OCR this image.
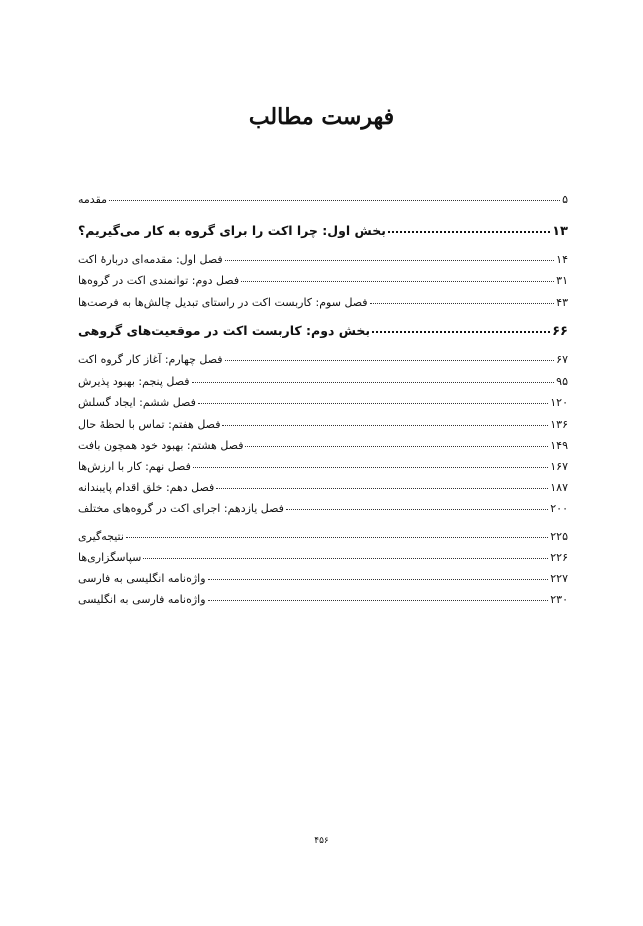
فهرست مطالب
مقدمه	۵
بخش اول: چرا اکت را برای گروه به کار می‌گیریم؟	۱۳
فصل اول: مقدمه‌ای دربارهٔ اکت	۱۴
فصل دوم: توانمندی اکت در گروه‌ها	۳۱
فصل سوم: کاربست اکت در راستای تبدیل چالش‌ها به فرصت‌ها	۴۳
بخش دوم: کاربست اکت در موقعیت‌های گروهی	۶۶
فصل چهارم: آغاز کار گروه اکت	۶۷
فصل پنجم: بهبود پذیرش	۹۵
فصل ششم: ایجاد گسلش	۱۲۰
فصل هفتم: تماس با لحظهٔ حال	۱۳۶
فصل هشتم: بهبود خود همچون بافت	۱۴۹
فصل نهم: کار با ارزش‌ها	۱۶۷
فصل دهم: خلق اقدام پایبندانه	۱۸۷
فصل یازدهم: اجرای اکت در گروه‌های مختلف	۲۰۰
نتیجه‌گیری	۲۲۵
سپاسگزاری‌ها	۲۲۶
واژه‌نامه انگلیسی به فارسی	۲۲۷
واژه‌نامه فارسی به انگلیسی	۲۳۰
۴۵۶
